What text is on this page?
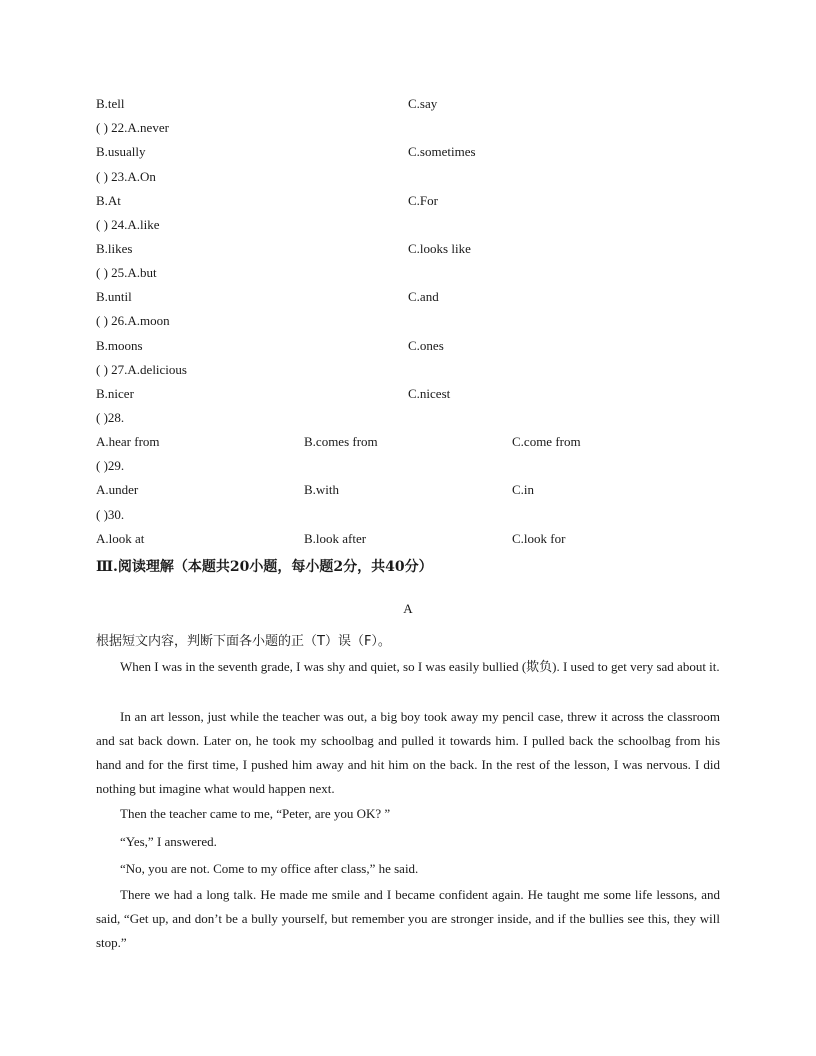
B.tell	C.say
( ) 22.A.never
B.usually	C.sometimes
( ) 23.A.On
B.At	C.For
( ) 24.A.like
B.likes	C.looks like
( ) 25.A.but
B.until	C.and
( ) 26.A.moon
B.moons	C.ones
( ) 27.A.delicious
B.nicer	C.nicest
( )28.
A.hear from	B.comes from	C.come from
( )29.
A.under	B.with	C.in
( )30.
A.look at	B.look after	C.look for
Ⅲ.阅读理解（本题共20小题，每小题2分，共40分）
A
根据短文内容，判断下面各小题的正（T）误（F）。

When I was in the seventh grade, I was shy and quiet, so I was easily bullied (欺负). I used to get very sad about it.

In an art lesson, just while the teacher was out, a big boy took away my pencil case, threw it across the classroom and sat back down. Later on, he took my schoolbag and pulled it towards him. I pulled back the schoolbag from his hand and for the first time, I pushed him away and hit him on the back. In the rest of the lesson, I was nervous. I did nothing but imagine what would happen next.

Then the teacher came to me, “Peter, are you OK? ”

“Yes,” I answered.

“No, you are not. Come to my office after class,” he said.

There we had a long talk. He made me smile and I became confident again. He taught me some life lessons, and said, “Get up, and don’t be a bully yourself, but remember you are stronger inside, and if the bullies see this, they will stop.”
